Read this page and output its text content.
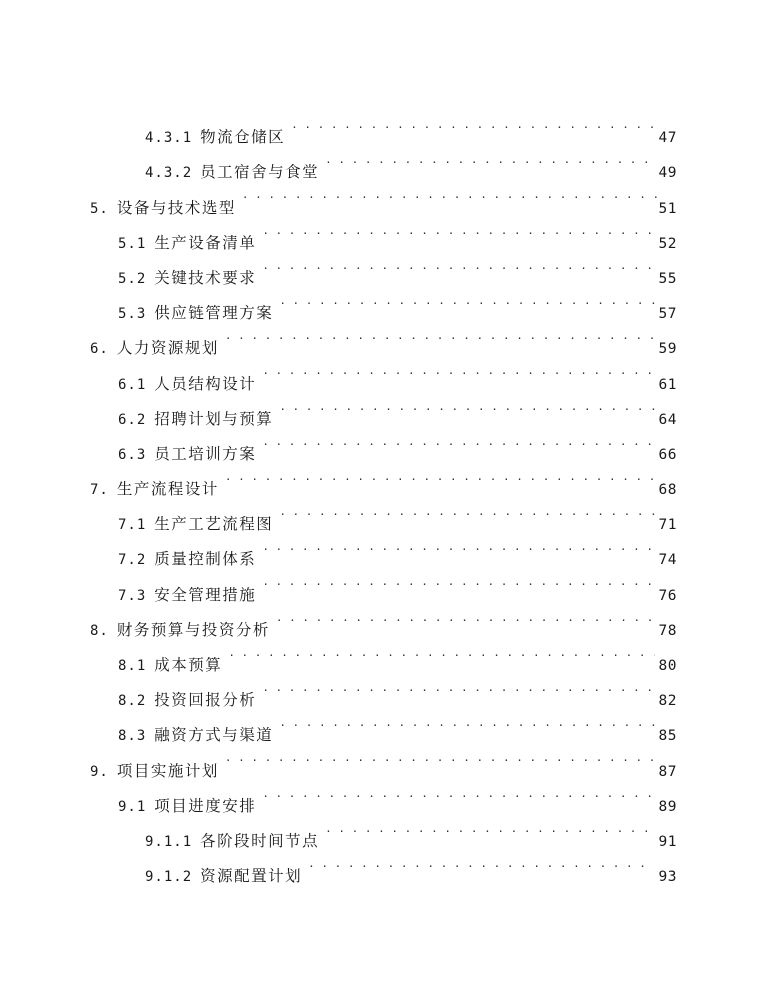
4.3.1 物流仓储区 . . .	47
4.3.2 员工宿舍与食堂 . . .	49
5. 设备与技术选型 . . .	51
5.1 生产设备清单 . . .	52
5.2 关键技术要求 . . .	55
5.3 供应链管理方案 . . .	57
6. 人力资源规划 . . .	59
6.1 人员结构设计 . . .	61
6.2 招聘计划与预算 . . .	64
6.3 员工培训方案 . . .	66
7. 生产流程设计 . . .	68
7.1 生产工艺流程图 . . .	71
7.2 质量控制体系 . . .	74
7.3 安全管理措施 . . .	76
8. 财务预算与投资分析 . . .	78
8.1 成本预算 . . .	80
8.2 投资回报分析 . . .	82
8.3 融资方式与渠道 . . .	85
9. 项目实施计划 . . .	87
9.1 项目进度安排 . . .	89
9.1.1 各阶段时间节点 . . .	91
9.1.2 资源配置计划 . . .	93
